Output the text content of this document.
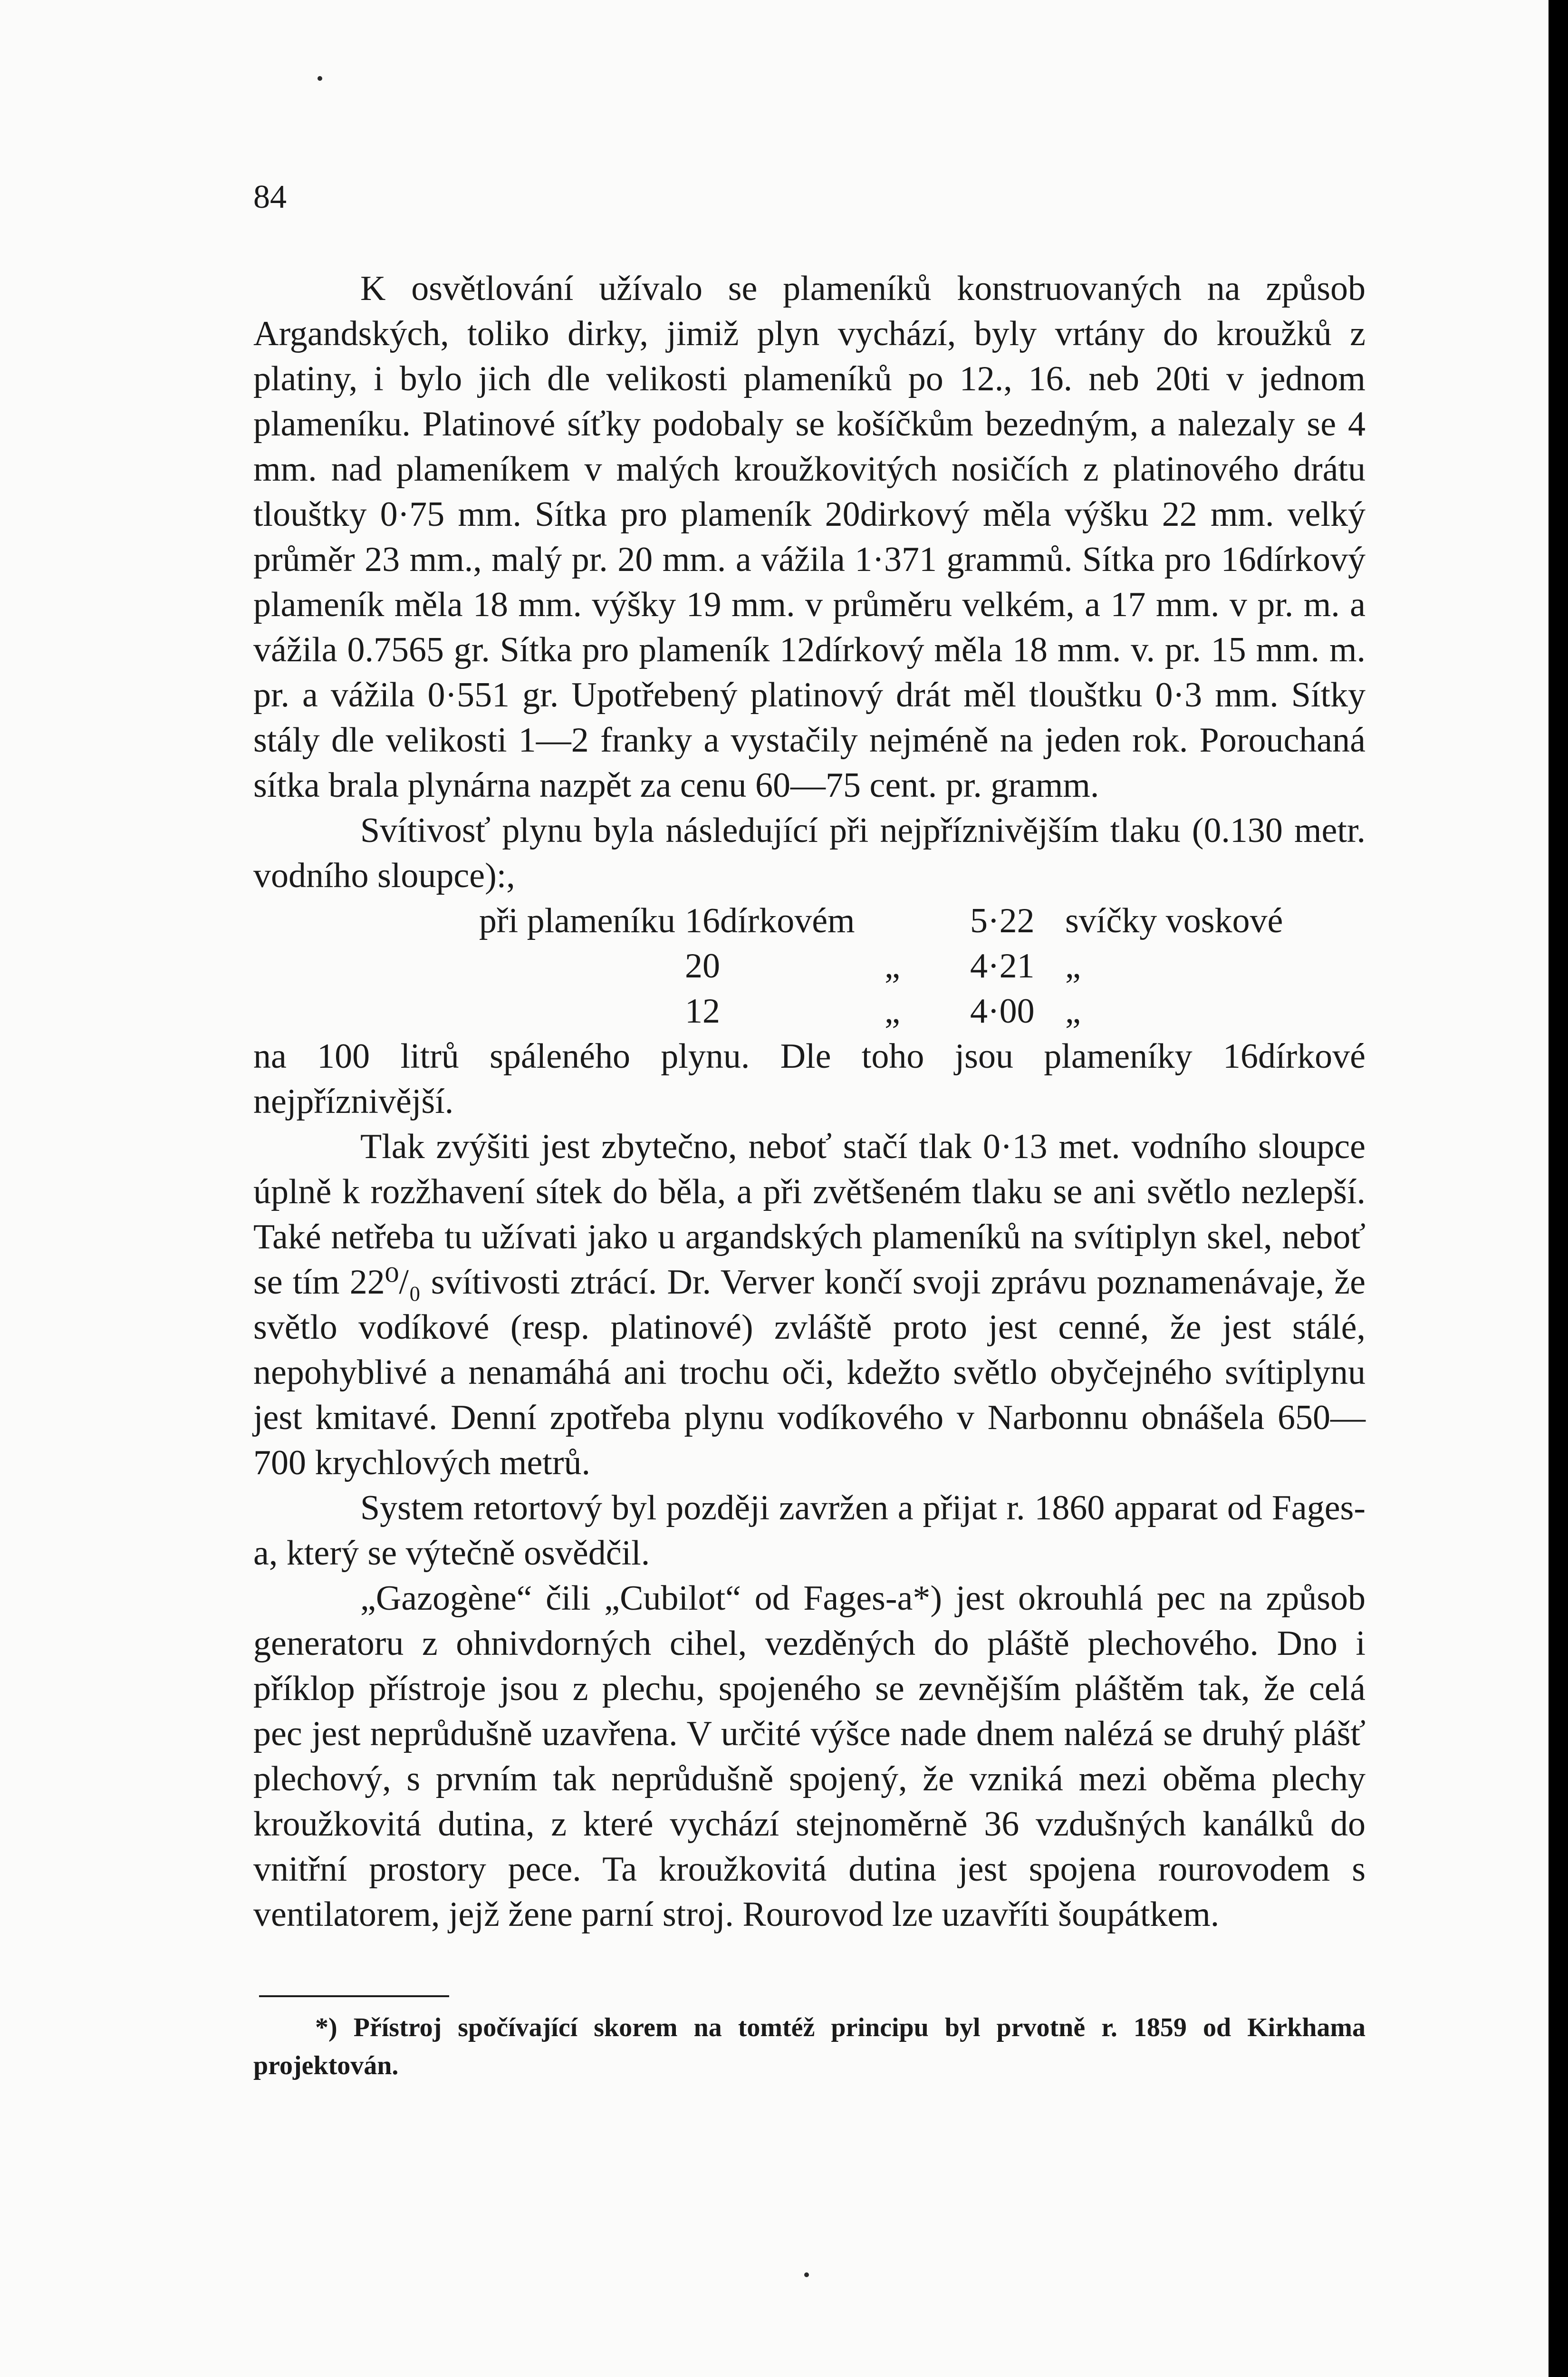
84

K osvětlování užívalo se plameníků konstruovaných na způsob Argandských, toliko dirky, jimiž plyn vychází, byly vrtány do kroužků z platiny, i bylo jich dle velikosti plameníků po 12., 16. neb 20ti v jednom plameníku. Platinové síťky podobaly se košíčkům bezedným, a nalezaly se 4 mm. nad plameníkem v malých kroužkovitých nosičích z platinového drátu tlouštky 0·75 mm. Sítka pro plameník 20dirkový měla výšku 22 mm. velký průměr 23 mm., malý pr. 20 mm. a vážila 1·371 grammů. Sítka pro 16dírkový plameník měla 18 mm. výšky 19 mm. v průměru velkém, a 17 mm. v pr. m. a vážila 0.7565 gr. Sítka pro plameník 12dírkový měla 18 mm. v. pr. 15 mm. m. pr. a vážila 0·551 gr. Upotřebený platinový drát měl tlouštku 0·3 mm. Sítky stály dle velikosti 1—2 franky a vystačily nejméně na jeden rok. Porouchaná sítka brala plynárna nazpět za cenu 60—75 cent. pr. gramm.

Svítivosť plynu byla následující při nejpříznivějším tlaku (0.130 metr. vodního sloupce):,

při plameníku	16dírkovém		5·22	svíčky voskové
	20	„	4·21	„
	12	„	4·00	„

na 100 litrů spáleného plynu. Dle toho jsou plameníky 16dírkové nejpříznivější.

Tlak zvýšiti jest zbytečno, neboť stačí tlak 0·13 met. vodního sloupce úplně k rozžhavení sítek do běla, a při zvětšeném tlaku se ani světlo nezlepší. Také netřeba tu užívati jako u argandských plameníků na svítiplyn skel, neboť se tím 22⁰/₀ svítivosti ztrácí. Dr. Verver končí svoji zprávu poznamenávaje, že světlo vodíkové (resp. platinové) zvláště proto jest cenné, že jest stálé, nepohyblivé a nenamáhá ani trochu oči, kdežto světlo obyčejného svítiplynu jest kmitavé. Denní zpotřeba plynu vodíkového v Narbonnu obnášela 650—700 krychlových metrů.

System retortový byl později zavržen a přijat r. 1860 apparat od Fages-a, který se výtečně osvědčil.

„Gazogène“ čili „Cubilot“ od Fages-a*) jest okrouhlá pec na způsob generatoru z ohnivdorných cihel, vezděných do pláště plechového. Dno i příklop přístroje jsou z plechu, spojeného se zevnějším pláštěm tak, že celá pec jest neprůdušně uzavřena. V určité výšce nade dnem nalézá se druhý plášť plechový, s prvním tak neprůdušně spojený, že vzniká mezi oběma plechy kroužkovitá dutina, z které vychází stejnoměrně 36 vzdušných kanálků do vnitřní prostory pece. Ta kroužkovitá dutina jest spojena rourovodem s ventilatorem, jejž žene parní stroj. Rourovod lze uzavříti šoupátkem.

*) Přístroj spočívající skorem na tomtéž principu byl prvotně r. 1859 od Kirkhama projektován.
